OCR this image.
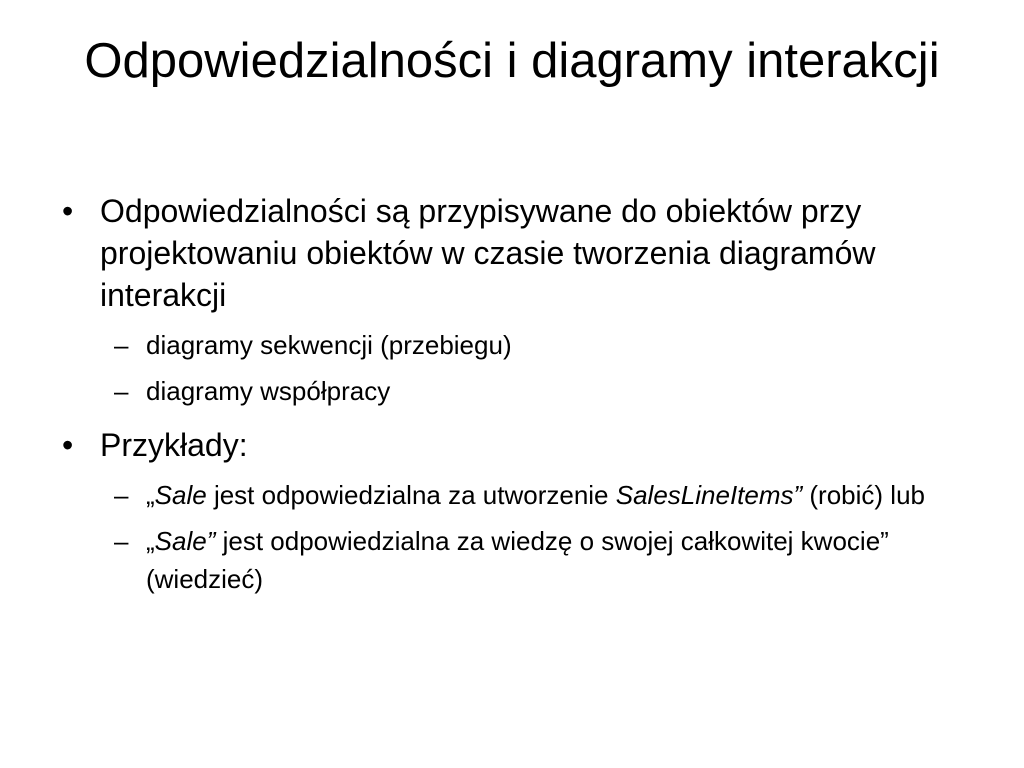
Odpowiedzialności i diagramy interakcji
• Odpowiedzialności są przypisywane do obiektów przy projektowaniu obiektów w czasie tworzenia diagramów interakcji
– diagramy sekwencji (przebiegu)
– diagramy współpracy
• Przykłady:
– „Sale jest odpowiedzialna za utworzenie SalesLineItems” (robić) lub
– „Sale” jest odpowiedzialna za wiedzę o swojej całkowitej kwocie” (wiedzieć)
